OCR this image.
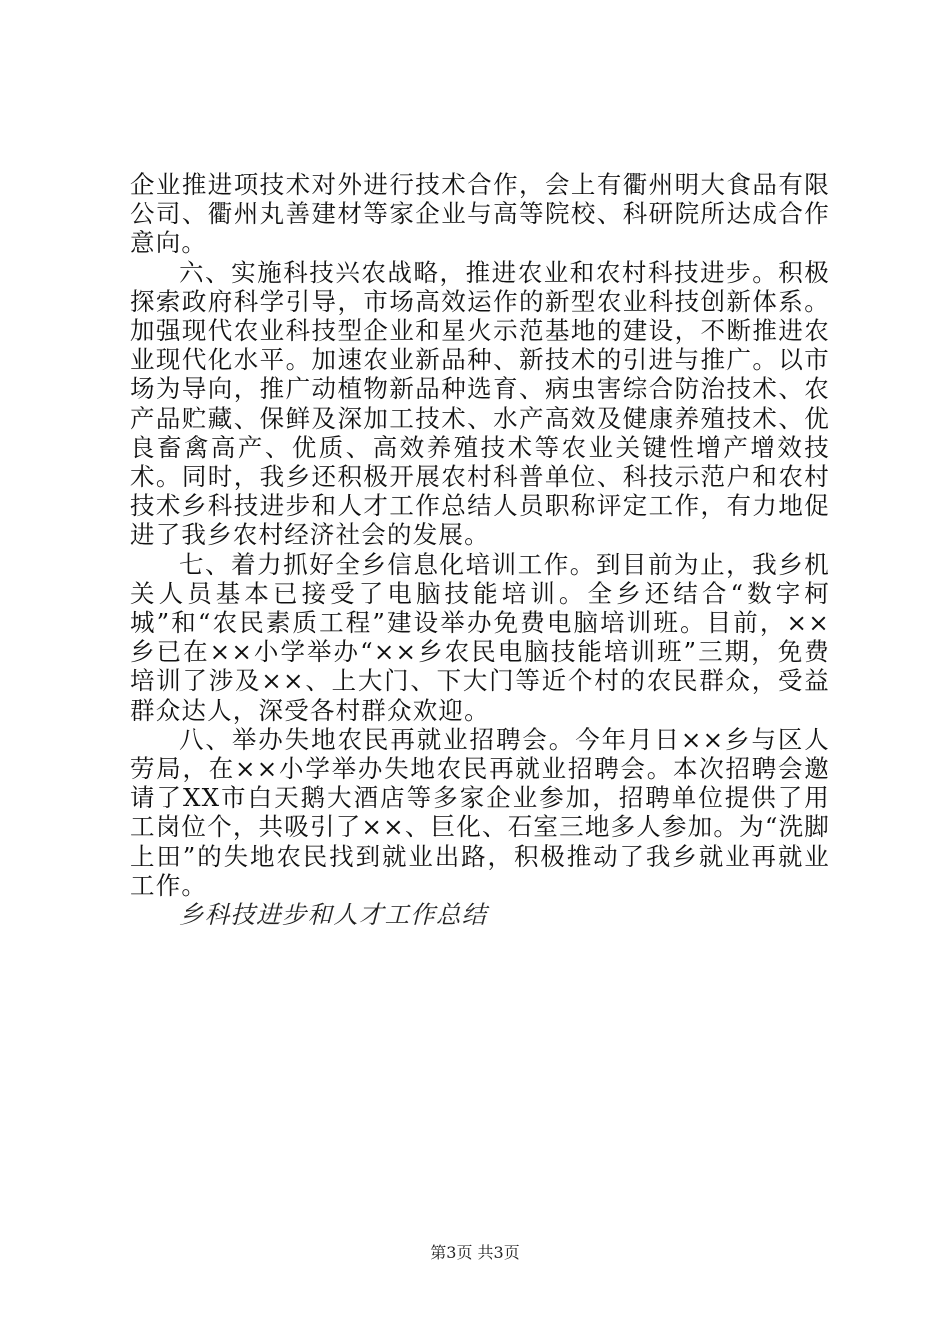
企业推进项技术对外进行技术合作，会上有衢州明大食品有限公司、衢州丸善建材等家企业与高等院校、科研院所达成合作意向。

六、实施科技兴农战略，推进农业和农村科技进步。积极探索政府科学引导，市场高效运作的新型农业科技创新体系。加强现代农业科技型企业和星火示范基地的建设，不断推进农业现代化水平。加速农业新品种、新技术的引进与推广。以市场为导向，推广动植物新品种选育、病虫害综合防治技术、农产品贮藏、保鲜及深加工技术、水产高效及健康养殖技术、优良畜禽高产、优质、高效养殖技术等农业关键性增产增效技术。同时，我乡还积极开展农村科普单位、科技示范户和农村技术乡科技进步和人才工作总结人员职称评定工作，有力地促进了我乡农村经济社会的发展。

七、着力抓好全乡信息化培训工作。到目前为止，我乡机关人员基本已接受了电脑技能培训。全乡还结合“数字柯城”和“农民素质工程”建设举办免费电脑培训班。目前，××乡已在××小学举办“××乡农民电脑技能培训班”三期，免费培训了涉及××、上大门、下大门等近个村的农民群众，受益群众达人，深受各村群众欢迎。

八、举办失地农民再就业招聘会。今年月日××乡与区人劳局，在××小学举办失地农民再就业招聘会。本次招聘会邀请了XX市白天鹅大酒店等多家企业参加，招聘单位提供了用工岗位个，共吸引了××、巨化、石室三地多人参加。为“洗脚上田”的失地农民找到就业出路，积极推动了我乡就业再就业工作。

乡科技进步和人才工作总结

第3页 共3页
